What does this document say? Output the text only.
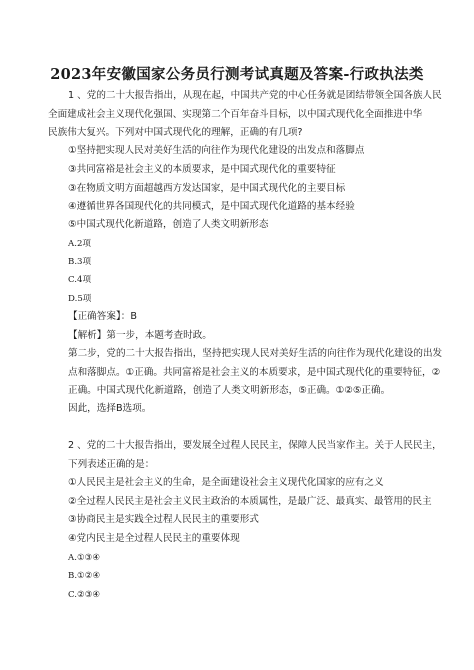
2023年安徽国家公务员行测考试真题及答案-行政执法类
1 、党的二十大报告指出，从现在起，中国共产党的中心任务就是团结带领全国各族人民
全面建成社会主义现代化强国、实现第二个百年奋斗目标，以中国式现代化全面推进中华
民族伟大复兴。下列对中国式现代化的理解，正确的有几项?
①坚持把实现人民对美好生活的向往作为现代化建设的出发点和落脚点
③共同富裕是社会主义的本质要求，是中国式现代化的重要特征
③在物质文明方面超越西方发达国家，是中国式现代化的主要目标
④遵循世界各国现代化的共同模式，是中国式现代化道路的基本经验
⑤中国式现代化新道路，创造了人类文明新形态
A.2项
B.3项
C.4项
D.5项
【正确答案】：B
【解析】第一步，本题考查时政。
第二步，党的二十大报告指出，坚持把实现人民对美好生活的向往作为现代化建设的出发
点和落脚点。①正确。共同富裕是社会主义的本质要求，是中国式现代化的重要特征，②
正确。中国式现代化新道路，创造了人类文明新形态，⑤正确。①②⑤正确。
因此，选择B选项。
2 、党的二十大报告指出，要发展全过程人民民主，保障人民当家作主。关于人民民主，
下列表述正确的是：
①人民民主是社会主义的生命，是全面建设社会主义现代化国家的应有之义
②全过程人民民主是社会主义民主政治的本质属性，是最广泛、最真实、最管用的民主
③协商民主是实践全过程人民民主的重要形式
④党内民主是全过程人民民主的重要体现
A.①③④
B.①②④
C.②③④
